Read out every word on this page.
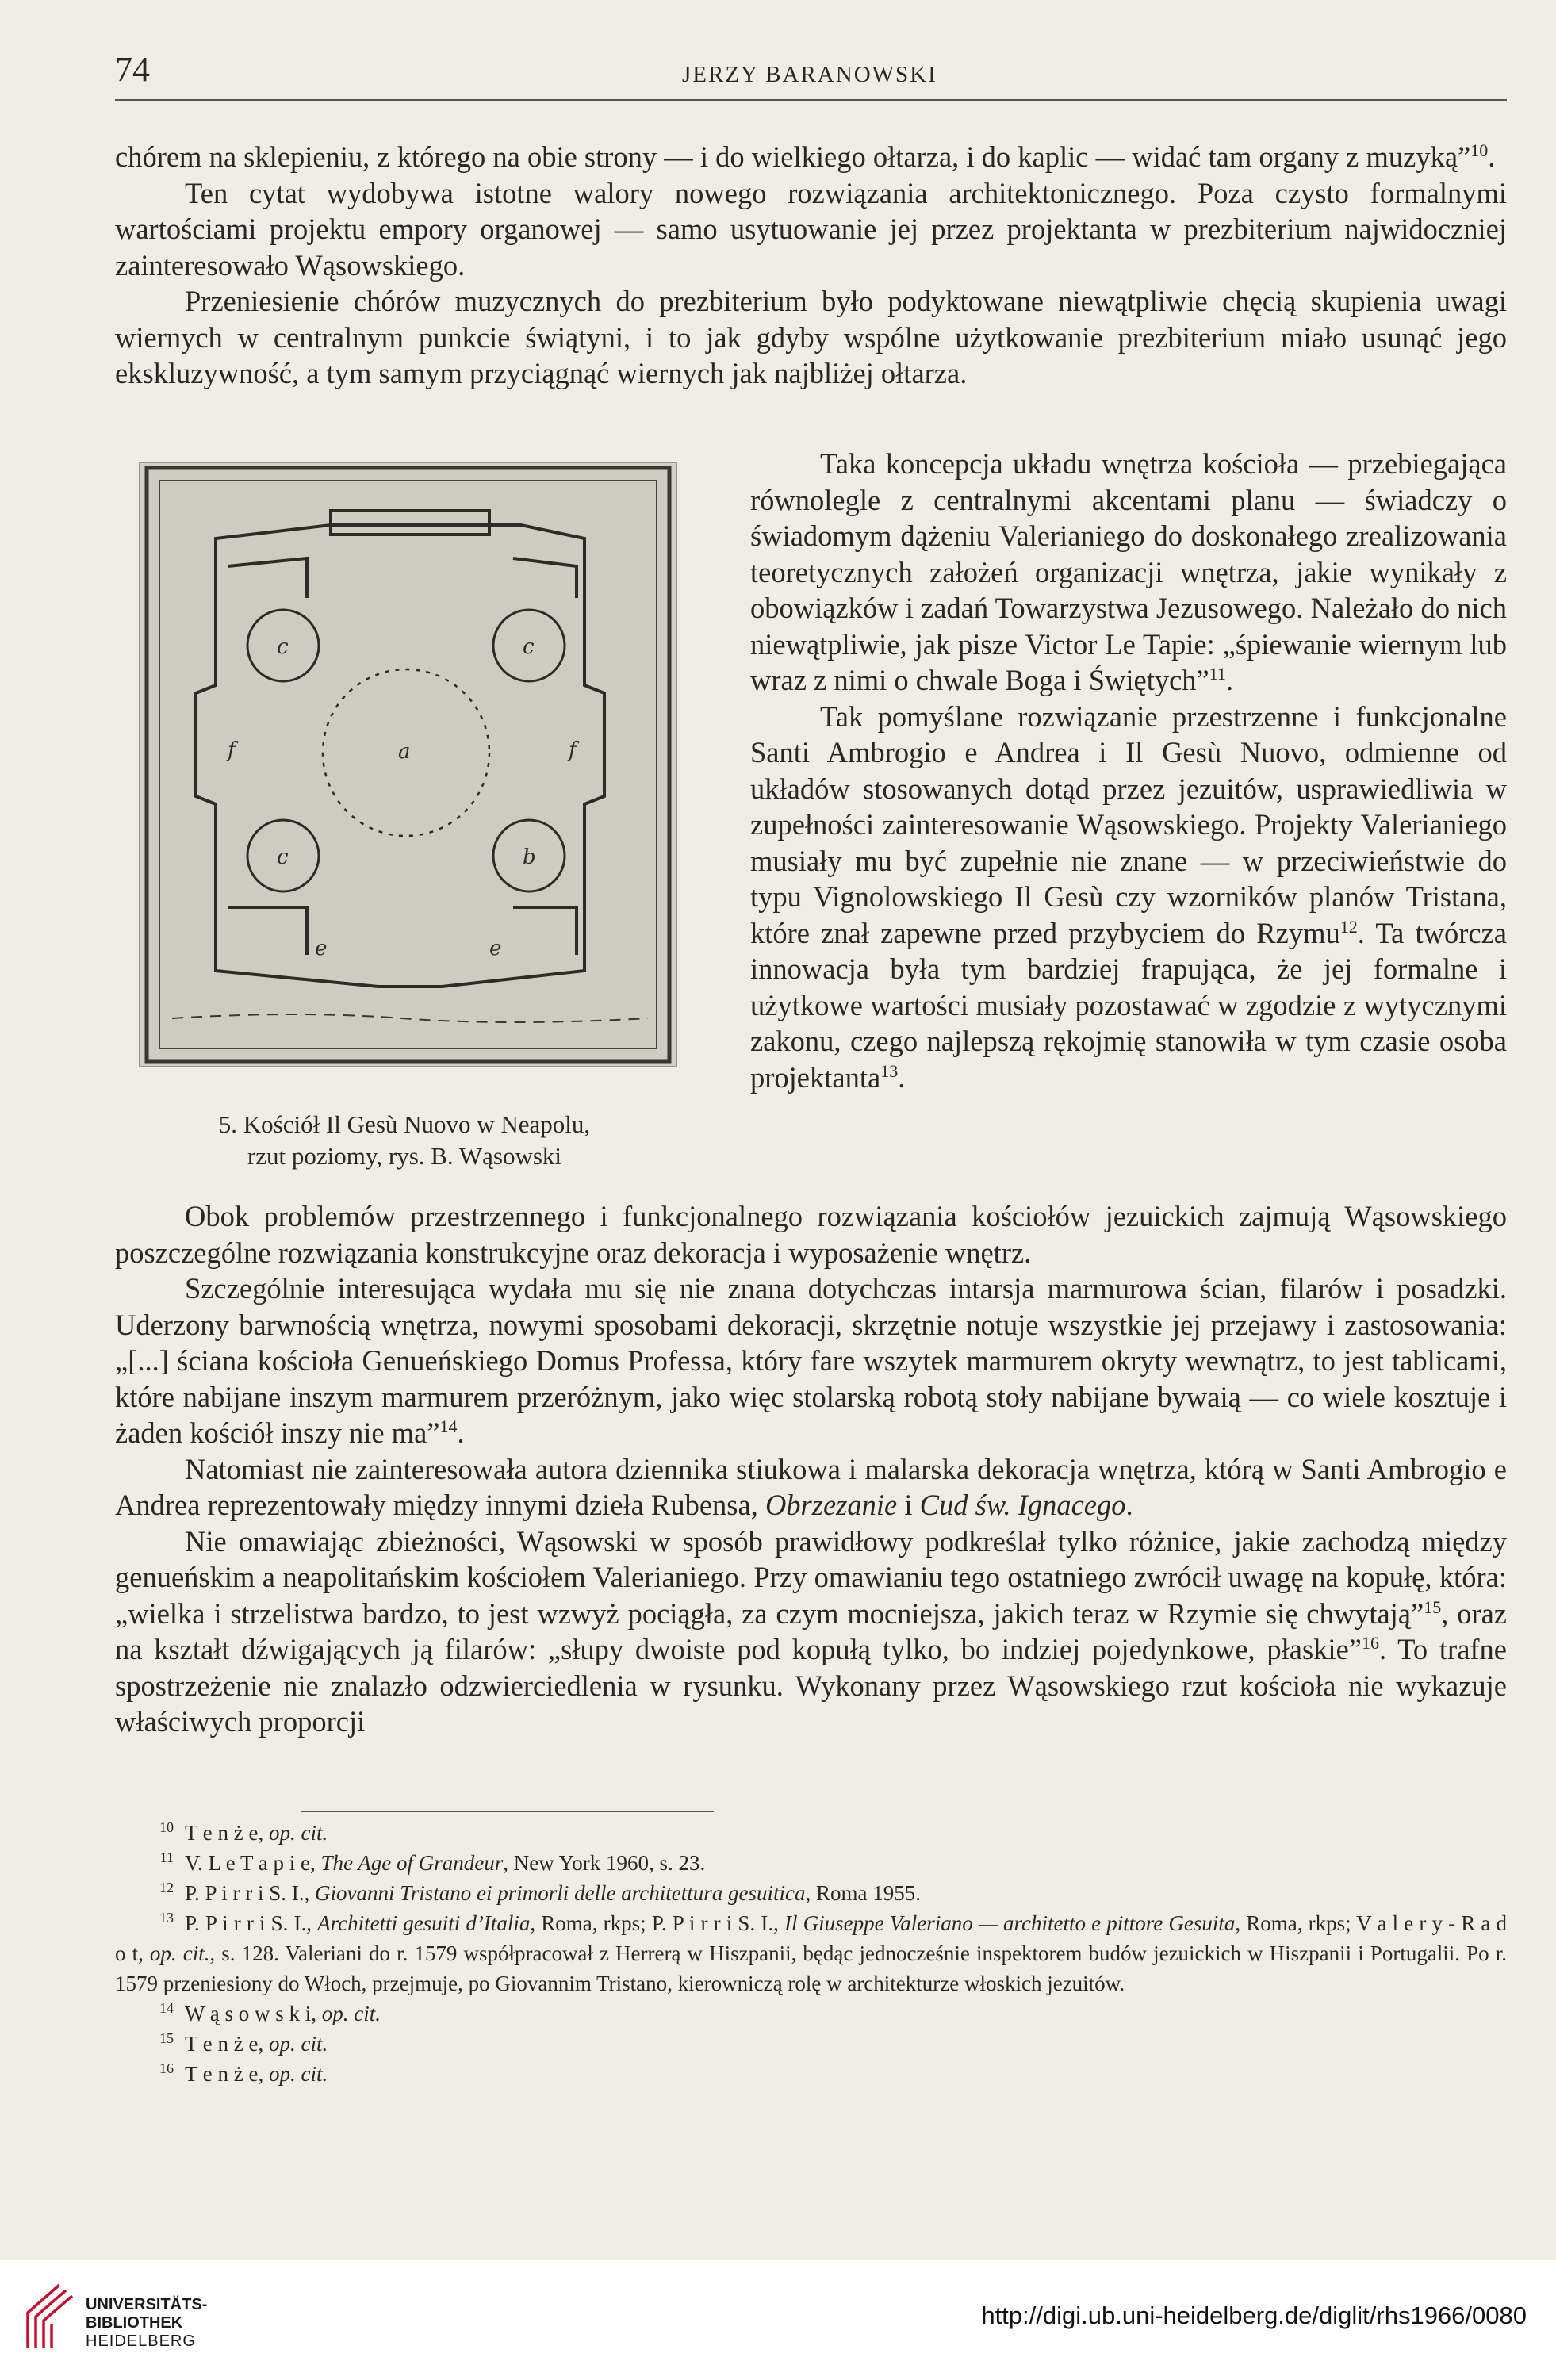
74	JERZY BARANOWSKI

chórem na sklepieniu, z którego na obie strony — i do wielkiego ołtarza, i do kaplic — widać tam organy z muzyką”$^{10}$.

Ten cytat wydobywa istotne walory nowego rozwiązania architektonicznego. Poza czysto formalnymi wartościami projektu empory organowej — samo usytuowanie jej przez projektanta w prezbiterium najwidoczniej zainteresowało Wąsowskiego.

Przeniesienie chórów muzycznych do prezbiterium było podyktowane niewątpliwie chęcią skupienia uwagi wiernych w centralnym punkcie świątyni, i to jak gdyby wspólne użytkowanie prezbiterium miało usunąć jego ekskluzywność, a tym samym przyciągnąć wiernych jak najbliżej ołtarza.

a
c	c
c	b
f	f
e	e
5. Kościół Il Gesù Nuovo w Neapolu,
rzut poziomy, rys. B. Wąsowski

Taka koncepcja układu wnętrza kościoła — przebiegająca równolegle z centralnymi akcentami planu — świadczy o świadomym dążeniu Valerianiego do doskonałego zrealizowania teoretycznych założeń organizacji wnętrza, jakie wynikały z obowiązków i zadań Towarzystwa Jezusowego. Należało do nich niewątpliwie, jak pisze Victor Le Tapie: „śpiewanie wiernym lub wraz z nimi o chwale Boga i Świętych”$^{11}$.

Tak pomyślane rozwiązanie przestrzenne i funkcjonalne Santi Ambrogio e Andrea i Il Gesù Nuovo, odmienne od układów stosowanych dotąd przez jezuitów, usprawiedliwia w zupełności zainteresowanie Wąsowskiego. Projekty Valerianiego musiały mu być zupełnie nie znane — w przeciwieństwie do typu Vignolowskiego Il Gesù czy wzorników planów Tristana, które znał zapewne przed przybyciem do Rzymu$^{12}$. Ta twórcza innowacja była tym bardziej frapująca, że jej formalne i użytkowe wartości musiały pozostawać w zgodzie z wytycznymi zakonu, czego najlepszą rękojmię stanowiła w tym czasie osoba projektanta$^{13}$.

Obok problemów przestrzennego i funkcjonalnego rozwiązania kościołów jezuickich zajmują Wąsowskiego poszczególne rozwiązania konstrukcyjne oraz dekoracja i wyposażenie wnętrz.

Szczególnie interesująca wydała mu się nie znana dotychczas intarsja marmurowa ścian, filarów i posadzki. Uderzony barwnością wnętrza, nowymi sposobami dekoracji, skrzętnie notuje wszystkie jej przejawy i zastosowania: „[...] ściana kościoła Genueńskiego Domus Professa, który fare wszytek marmurem okryty wewnątrz, to jest tablicami, które nabijane inszym marmurem przeróżnym, jako więc stolarską robotą stoły nabijane bywaią — co wiele kosztuje i żaden kościół inszy nie ma”$^{14}$.

Natomiast nie zainteresowała autora dziennika stiukowa i malarska dekoracja wnętrza, którą w Santi Ambrogio e Andrea reprezentowały między innymi dzieła Rubensa, Obrzezanie i Cud św. Ignacego.

Nie omawiając zbieżności, Wąsowski w sposób prawidłowy podkreślał tylko różnice, jakie zachodzą między genueńskim a neapolitańskim kościołem Valerianiego. Przy omawianiu tego ostatniego zwrócił uwagę na kopułę, która: „wielka i strzelistwa bardzo, to jest wzwyż pociągła, za czym mocniejsza, jakich teraz w Rzymie się chwytają”$^{15}$, oraz na kształt dźwigających ją filarów: „słupy dwoiste pod kopułą tylko, bo indziej pojedynkowe, płaskie”$^{16}$. To trafne spostrzeżenie nie znalazło odzwierciedlenia w rysunku. Wykonany przez Wąsowskiego rzut kościoła nie wykazuje właściwych proporcji

$^{10}$ T e n ż e, op. cit.

$^{11}$ V. L e T a p i e, The Age of Grandeur, New York 1960, s. 23.

$^{12}$ P. P i r r i S. I., Giovanni Tristano ei primorli delle architettura gesuitica, Roma 1955.

$^{13}$ P. P i r r i S. I., Architetti gesuiti d’Italia, Roma, rkps; P. P i r r i S. I., Il Giuseppe Valeriano — architetto e pittore Gesuita, Roma, rkps; V a l e r y - R a d o t, op. cit., s. 128. Valeriani do r. 1579 współpracował z Herrerą w Hiszpanii, będąc jednocześnie inspektorem budów jezuickich w Hiszpanii i Portugalii. Po r. 1579 przeniesiony do Włoch, przejmuje, po Giovannim Tristano, kierowniczą rolę w architekturze włoskich jezuitów.

$^{14}$ W ą s o w s k i, op. cit.

$^{15}$ T e n ż e, op. cit.

$^{16}$ T e n ż e, op. cit.

UNIVERSITÄTS-
BIBLIOTHEK
HEIDELBERG
http://digi.ub.uni-heidelberg.de/diglit/rhs1966/0080
